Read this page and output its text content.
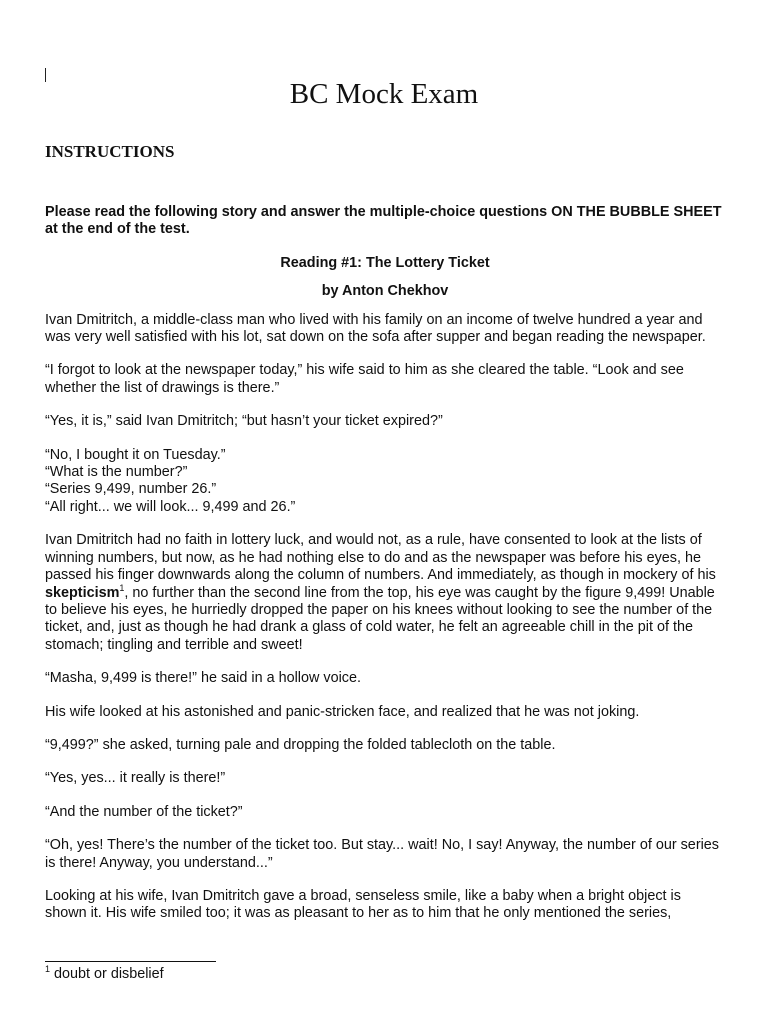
BC Mock Exam
INSTRUCTIONS

Please read the following story and answer the multiple-choice questions ON THE BUBBLE SHEET at the end of the test.

Reading #1: The Lottery Ticket

by Anton Chekhov

Ivan Dmitritch, a middle-class man who lived with his family on an income of twelve hundred a year and was very well satisfied with his lot, sat down on the sofa after supper and began reading the newspaper.

“I forgot to look at the newspaper today,” his wife said to him as she cleared the table. “Look and see whether the list of drawings is there.”

“Yes, it is,” said Ivan Dmitritch; “but hasn’t your ticket expired?”

“No, I bought it on Tuesday.”

“What is the number?”

“Series 9,499, number 26.”

“All right... we will look... 9,499 and 26.”

Ivan Dmitritch had no faith in lottery luck, and would not, as a rule, have consented to look at the lists of winning numbers, but now, as he had nothing else to do and as the newspaper was before his eyes, he passed his finger downwards along the column of numbers. And immediately, as though in mockery of his skepticism$^1$, no further than the second line from the top, his eye was caught by the figure 9,499! Unable to believe his eyes, he hurriedly dropped the paper on his knees without looking to see the number of the ticket, and, just as though he had drank a glass of cold water, he felt an agreeable chill in the pit of the stomach; tingling and terrible and sweet!

“Masha, 9,499 is there!” he said in a hollow voice.

His wife looked at his astonished and panic-stricken face, and realized that he was not joking.

“9,499?” she asked, turning pale and dropping the folded tablecloth on the table.

“Yes, yes... it really is there!”

“And the number of the ticket?”

“Oh, yes! There’s the number of the ticket too. But stay... wait! No, I say! Anyway, the number of our series is there! Anyway, you understand...”

Looking at his wife, Ivan Dmitritch gave a broad, senseless smile, like a baby when a bright object is shown it. His wife smiled too; it was as pleasant to her as to him that he only mentioned the series,

$^1$ doubt or disbelief
